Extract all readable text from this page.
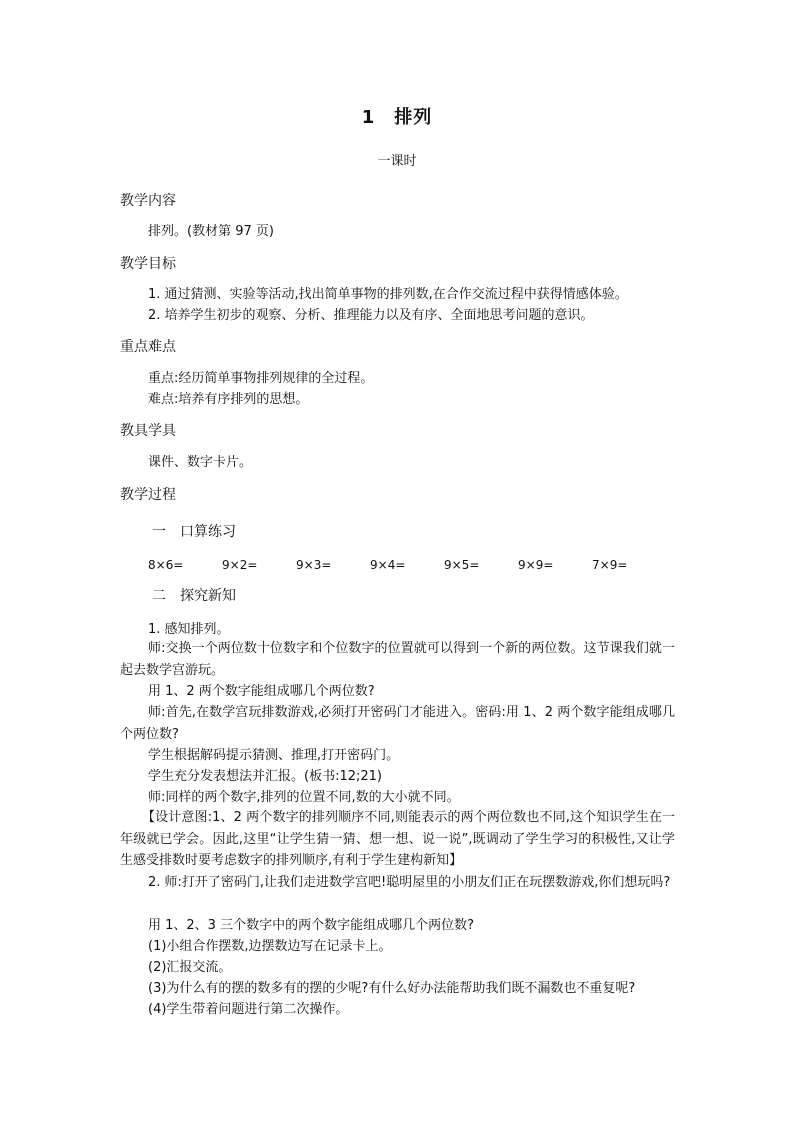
1　排列
一课时
教学内容
排列。(教材第 97 页)
教学目标
1. 通过猜测、实验等活动,找出简单事物的排列数,在合作交流过程中获得情感体验。
2. 培养学生初步的观察、分析、推理能力以及有序、全面地思考问题的意识。
重点难点
重点:经历简单事物排列规律的全过程。
难点:培养有序排列的思想。
教具学具
课件、数字卡片。
教学过程
一　口算练习
8×6=	9×2=	9×3=	9×4=	9×5=	9×9=	7×9=
二　探究新知
1. 感知排列。
师:交换一个两位数十位数字和个位数字的位置就可以得到一个新的两位数。这节课我们就一起去数学宫游玩。
用 1、2 两个数字能组成哪几个两位数?
师:首先,在数学宫玩排数游戏,必须打开密码门才能进入。密码:用 1、2 两个数字能组成哪几个两位数?
学生根据解码提示猜测、推理,打开密码门。
学生充分发表想法并汇报。(板书:12;21)
师:同样的两个数字,排列的位置不同,数的大小就不同。
【设计意图:1、2 两个数字的排列顺序不同,则能表示的两个两位数也不同,这个知识学生在一年级就已学会。因此,这里“让学生猜一猜、想一想、说一说”,既调动了学生学习的积极性,又让学生感受排数时要考虑数字的排列顺序,有利于学生建构新知】
2. 师:打开了密码门,让我们走进数学宫吧!聪明屋里的小朋友们正在玩摆数游戏,你们想玩吗?
用 1、2、3 三个数字中的两个数字能组成哪几个两位数?
(1)小组合作摆数,边摆数边写在记录卡上。
(2)汇报交流。
(3)为什么有的摆的数多有的摆的少呢?有什么好办法能帮助我们既不漏数也不重复呢?
(4)学生带着问题进行第二次操作。
